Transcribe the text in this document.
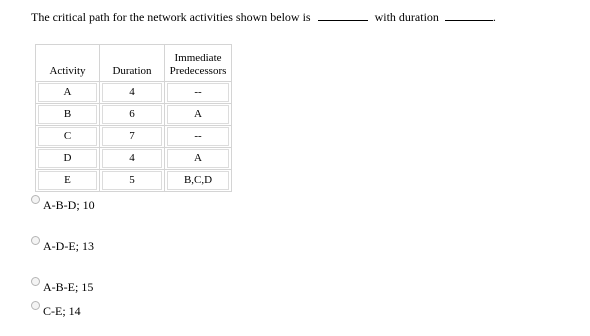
The critical path for the network activities shown below is	with duration	.
Activity	Duration	Immediate
Predecessors

A	4	--

B	6	A

C	7	--

D	4	A

E	5	B,C,D
A-B-D; 10
A-D-E; 13
A-B-E; 15
C-E; 14
